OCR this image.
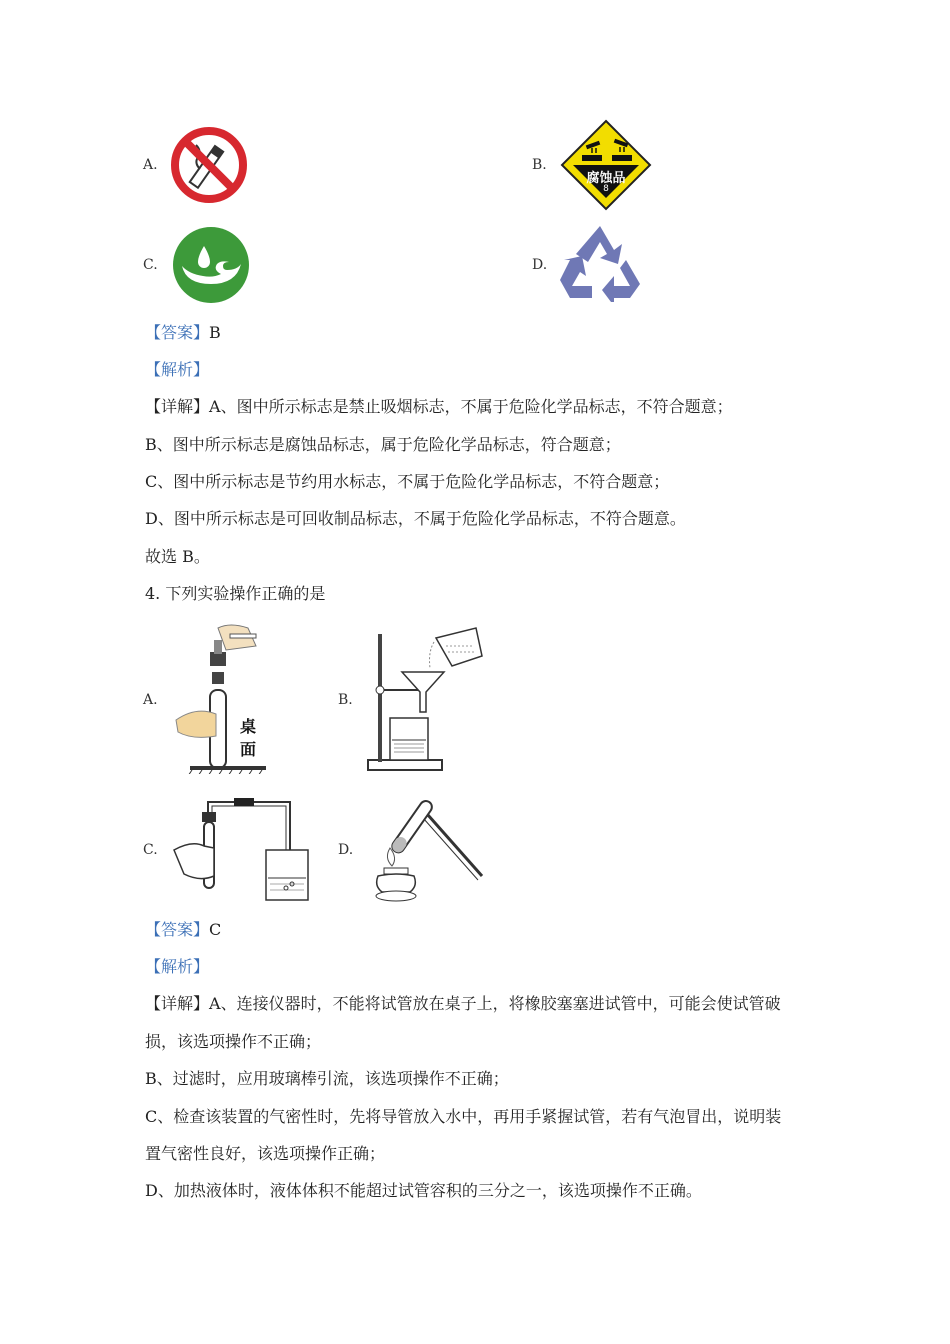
A.	B.
腐蚀品
8
C.	D.
【答案】B
【解析】
【详解】A、图中所示标志是禁止吸烟标志，不属于危险化学品标志，不符合题意；
B、图中所示标志是腐蚀品标志，属于危险化学品标志，符合题意；
C、图中所示标志是节约用水标志，不属于危险化学品标志，不符合题意；
D、图中所示标志是可回收制品标志，不属于危险化学品标志，不符合题意。
故选 B。
4. 下列实验操作正确的是
A.
桌面
B.
C.	D.
【答案】C
【解析】
【详解】A、连接仪器时，不能将试管放在桌子上，将橡胶塞塞进试管中，可能会使试管破
损，该选项操作不正确；
B、过滤时，应用玻璃棒引流，该选项操作不正确；
C、检查该装置的气密性时，先将导管放入水中，再用手紧握试管，若有气泡冒出，说明装
置气密性良好，该选项操作正确；
D、加热液体时，液体体积不能超过试管容积的三分之一，该选项操作不正确。
